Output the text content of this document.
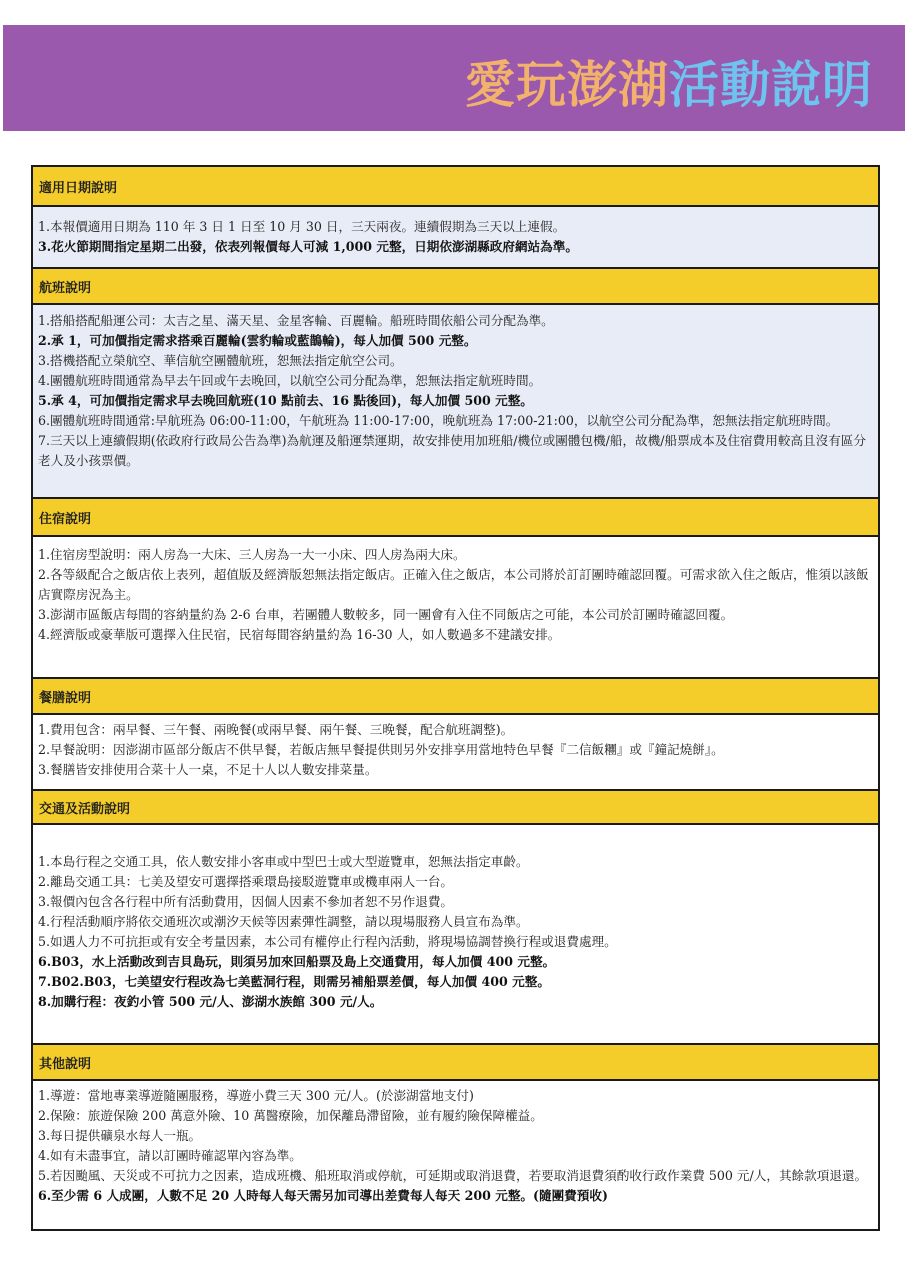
愛玩澎湖活動說明
適用日期說明
1.本報價適用日期為 110 年 3 日 1 日至 10 月 30 日，三天兩夜。連續假期為三天以上連假。
3.花火節期間指定星期二出發，依表列報價每人可減 1,000 元整，日期依澎湖縣政府網站為準。
航班說明
1.搭船搭配船運公司：太吉之星、滿天星、金星客輪、百麗輪。船班時間依船公司分配為準。
2.承 1，可加價指定需求搭乘百麗輪(雲豹輪或藍鵲輪)，每人加價 500 元整。
3.搭機搭配立榮航空、華信航空團體航班，恕無法指定航空公司。
4.團體航班時間通常為早去午回或午去晚回，以航空公司分配為準，恕無法指定航班時間。
5.承 4，可加價指定需求早去晚回航班(10 點前去、16 點後回)，每人加價 500 元整。
6.團體航班時間通常:早航班為 06:00-11:00，午航班為 11:00-17:00，晚航班為 17:00-21:00，以航空公司分配為準，恕無法指定航班時間。
7.三天以上連續假期(依政府行政局公告為準)為航運及船運禁運期，故安排使用加班船/機位或團體包機/船，故機/船票成本及住宿費用較高且沒有區分老人及小孩票價。
住宿說明
1.住宿房型說明：兩人房為一大床、三人房為一大一小床、四人房為兩大床。
2.各等級配合之飯店依上表列，超值版及經濟版恕無法指定飯店。正確入住之飯店，本公司將於訂訂團時確認回覆。可需求欲入住之飯店，惟須以該飯店實際房況為主。
3.澎湖市區飯店每間的容納量約為 2-6 台車，若團體人數較多，同一團會有入住不同飯店之可能，本公司於訂團時確認回覆。
4.經濟版或豪華版可選擇入住民宿，民宿每間容納量約為 16-30 人，如人數過多不建議安排。
餐膳說明
1.費用包含：兩早餐、三午餐、兩晚餐(或兩早餐、兩午餐、三晚餐，配合航班調整)。
2.早餐說明：因澎湖市區部分飯店不供早餐，若飯店無早餐提供則另外安排享用當地特色早餐『二信飯糰』或『鐘記燒餅』。
3.餐膳皆安排使用合菜十人一桌，不足十人以人數安排菜量。
交通及活動說明
1.本島行程之交通工具，依人數安排小客車或中型巴士或大型遊覽車，恕無法指定車齡。
2.離島交通工具：七美及望安可選擇搭乘環島接駁遊覽車或機車兩人一台。
3.報價內包含各行程中所有活動費用，因個人因素不參加者恕不另作退費。
4.行程活動順序將依交通班次或潮汐天候等因素彈性調整，請以現場服務人員宣布為準。
5.如遇人力不可抗拒或有安全考量因素，本公司有權停止行程內活動，將現場協調替換行程或退費處理。
6.B03，水上活動改到吉貝島玩，則須另加來回船票及島上交通費用，每人加價 400 元整。
7.B02.B03，七美望安行程改為七美藍洞行程，則需另補船票差價，每人加價 400 元整。
8.加購行程：夜釣小管 500 元/人、澎湖水族館 300 元/人。
其他說明
1.導遊：當地專業導遊隨團服務，導遊小費三天 300 元/人。(於澎湖當地支付)
2.保險：旅遊保險 200 萬意外險、10 萬醫療險，加保離島滯留險，並有履約險保障權益。
3.每日提供礦泉水每人一瓶。
4.如有未盡事宜，請以訂團時確認單內容為準。
5.若因颱風、天災或不可抗力之因素，造成班機、船班取消或停航，可延期或取消退費，若要取消退費須酌收行政作業費 500 元/人，其餘款項退還。
6.至少需 6 人成團，人數不足 20 人時每人每天需另加司導出差費每人每天 200 元整。(隨團費預收)
